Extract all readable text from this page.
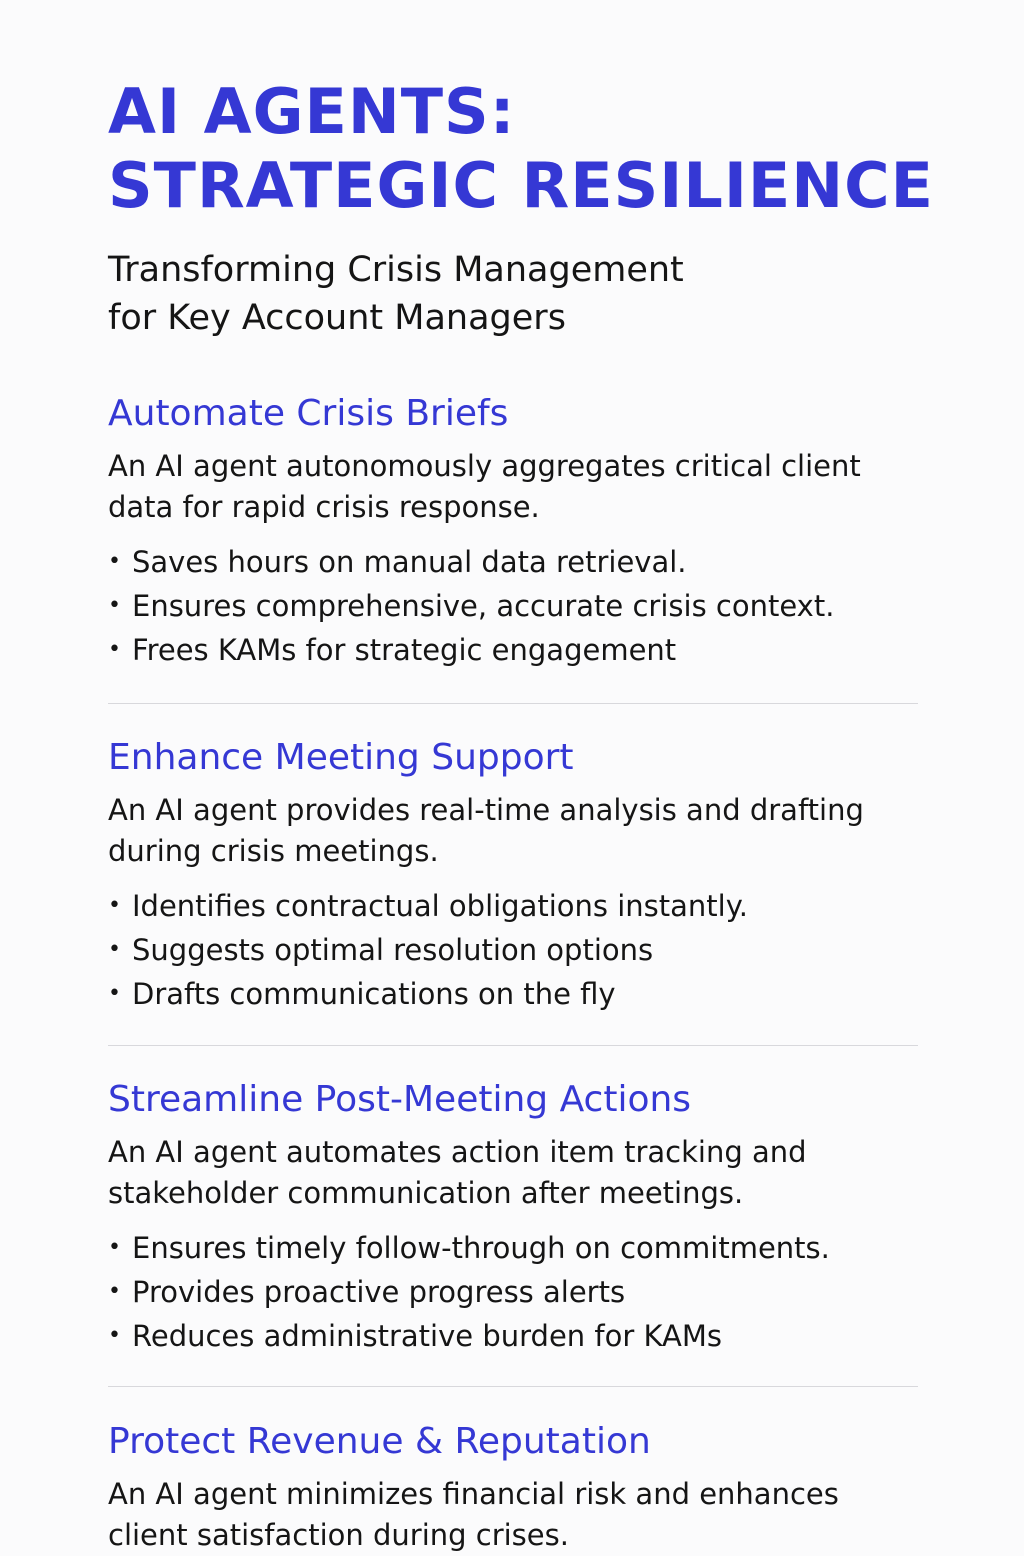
AI AGENTS:
STRATEGIC RESILIENCE

Transforming Crisis Management
for Key Account Managers

Automate Crisis Briefs

An AI agent autonomously aggregates critical client data for rapid crisis response.

• Saves hours on manual data retrieval.
• Ensures comprehensive, accurate crisis context.
• Frees KAMs for strategic engagement
Enhance Meeting Support

An AI agent provides real-time analysis and drafting during crisis meetings.

• Identifies contractual obligations instantly.
• Suggests optimal resolution options
• Drafts communications on the fly
Streamline Post-Meeting Actions

An AI agent automates action item tracking and stakeholder communication after meetings.

• Ensures timely follow-through on commitments.
• Provides proactive progress alerts
• Reduces administrative burden for KAMs
Protect Revenue & Reputation

An AI agent minimizes financial risk and enhances client satisfaction during crises.
